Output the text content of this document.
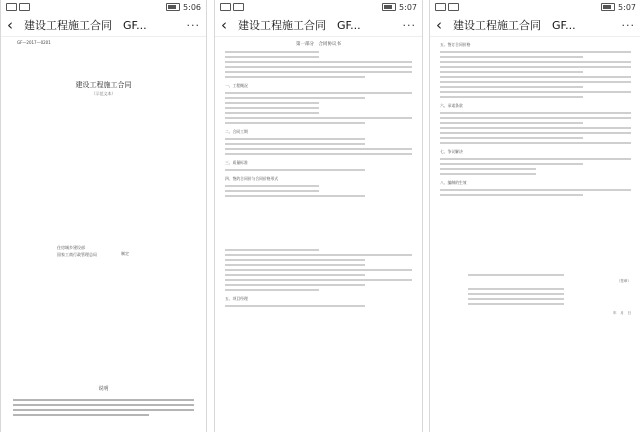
5:06
‹	建设工程施工合同　GF...	···
GF—2017—0201
建设工程施工合同
（示范文本）
住房城乡建设部
国家工商行政管理总局	制定
说明
5:07
‹	建设工程施工合同　GF...	···
第一部分　合同协议书
一、工程概况
二、合同工期
三、质量标准
四、签约合同价与合同价格形式
五、项目经理
5:07
‹	建设工程施工合同　GF...	···
五、签订合同价格
六、承诺条款
七、争议解决
八、编制的生效
（签章）
年　月　日
